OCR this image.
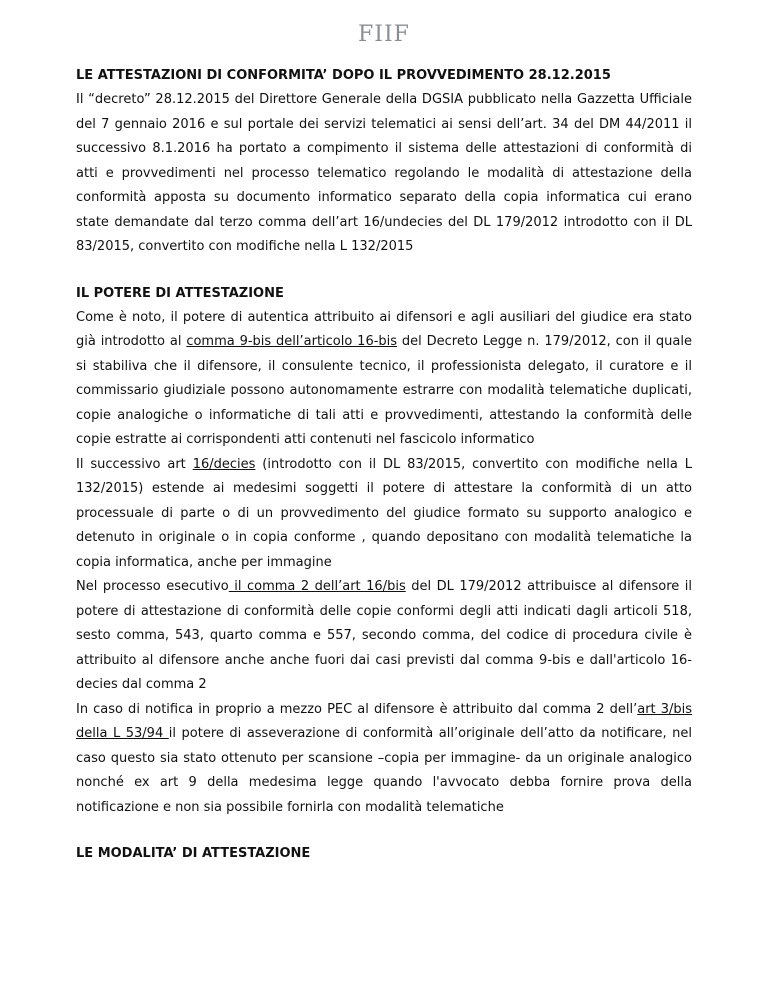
FIIF

LE ATTESTAZIONI DI CONFORMITA’ DOPO IL PROVVEDIMENTO 28.12.2015

Il “decreto” 28.12.2015 del Direttore Generale della DGSIA pubblicato nella Gazzetta Ufficiale del 7 gennaio 2016 e sul portale dei servizi telematici ai sensi dell’art. 34 del DM 44/2011 il successivo 8.1.2016 ha portato a compimento il sistema delle attestazioni di conformità di atti e provvedimenti nel processo telematico regolando le modalità di attestazione della conformità apposta su documento informatico separato della copia informatica cui erano state demandate dal terzo comma dell’art 16/undecies del DL 179/2012 introdotto con il DL 83/2015, convertito con modifiche nella L 132/2015

IL POTERE DI ATTESTAZIONE

Come è noto, il potere di autentica attribuito ai difensori e agli ausiliari del giudice era stato già introdotto al comma 9-bis dell’articolo 16-bis del Decreto Legge n. 179/2012, con il quale si stabiliva che il difensore, il consulente tecnico, il professionista delegato, il curatore e il commissario giudiziale possono autonomamente estrarre con modalità telematiche duplicati, copie analogiche o informatiche di tali atti e provvedimenti, attestando la conformità delle copie estratte ai corrispondenti atti contenuti nel fascicolo informatico

Il successivo art 16/decies (introdotto con il DL 83/2015, convertito con modifiche nella L 132/2015) estende ai medesimi soggetti il potere di attestare la conformità di un atto processuale di parte o di un provvedimento del giudice formato su supporto analogico e detenuto in originale o in copia conforme , quando depositano con modalità telematiche la copia informatica, anche per immagine

Nel processo esecutivo il comma 2 dell’art 16/bis del DL 179/2012 attribuisce al difensore il potere di attestazione di conformità delle copie conformi degli atti indicati dagli articoli 518, sesto comma, 543, quarto comma e 557, secondo comma, del codice di procedura civile è attribuito al difensore anche anche fuori dai casi previsti dal comma 9-bis e dall'articolo 16-decies dal comma 2

In caso di notifica in proprio a mezzo PEC al difensore è attribuito dal comma 2 dell’art 3/bis della L 53/94 il potere di asseverazione di conformità all’originale dell’atto da notificare, nel caso questo sia stato ottenuto per scansione –copia per immagine- da un originale analogico nonché ex art 9 della medesima legge quando l'avvocato debba fornire prova della notificazione e non sia possibile fornirla con modalità telematiche

LE MODALITA’ DI ATTESTAZIONE
